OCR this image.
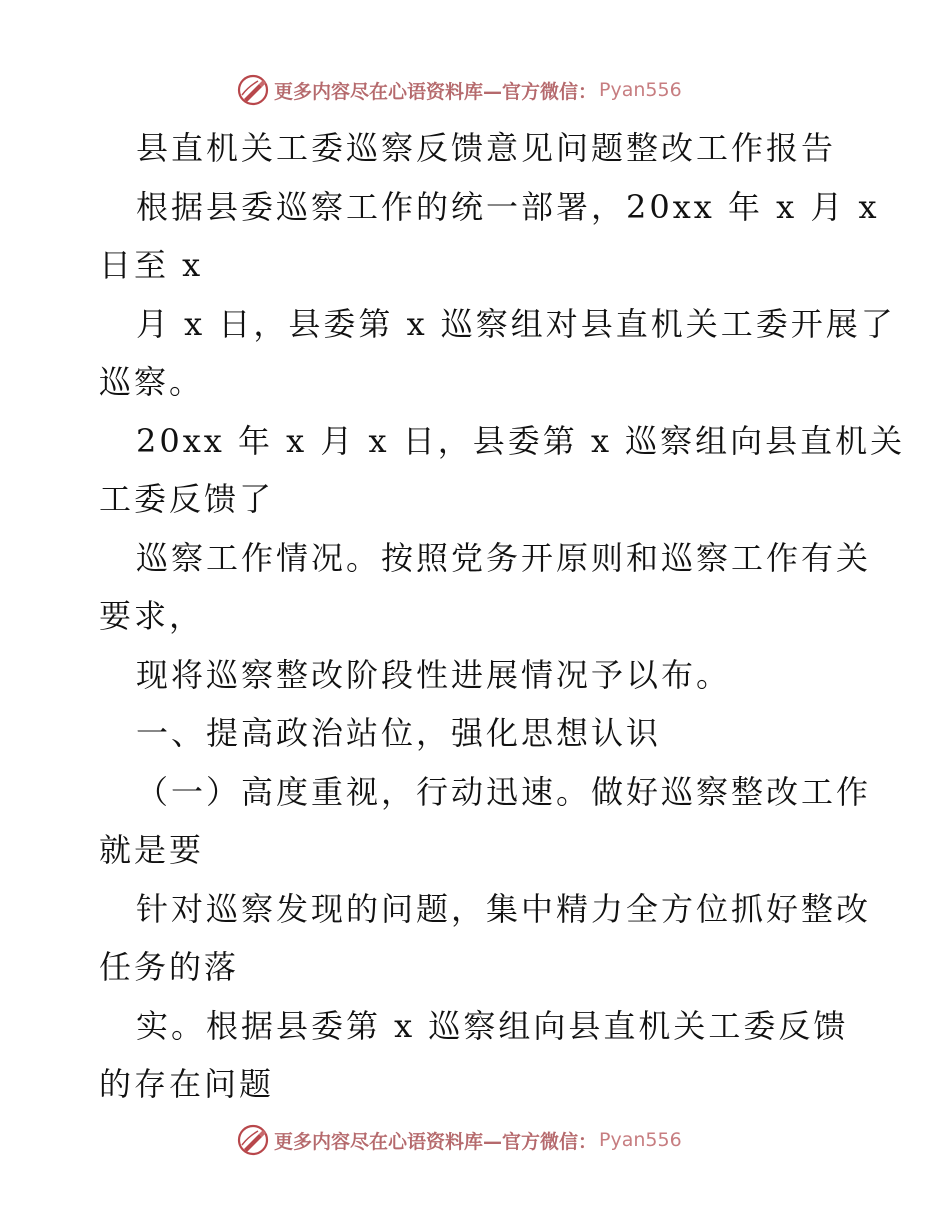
更多内容尽在心语资料库—官方微信： Pyan556
县直机关工委巡察反馈意见问题整改工作报告
根据县委巡察工作的统一部署，20xx 年 x 月 x
日至 x
月 x 日，县委第 x 巡察组对县直机关工委开展了
巡察。
20xx 年 x 月 x 日，县委第 x 巡察组向县直机关
工委反馈了
巡察工作情况。按照党务开原则和巡察工作有关
要求，
现将巡察整改阶段性进展情况予以布。
一、提高政治站位，强化思想认识
（一）高度重视，行动迅速。做好巡察整改工作
就是要
针对巡察发现的问题，集中精力全方位抓好整改
任务的落
实。根据县委第 x 巡察组向县直机关工委反馈
的存在问题
更多内容尽在心语资料库—官方微信： Pyan556
